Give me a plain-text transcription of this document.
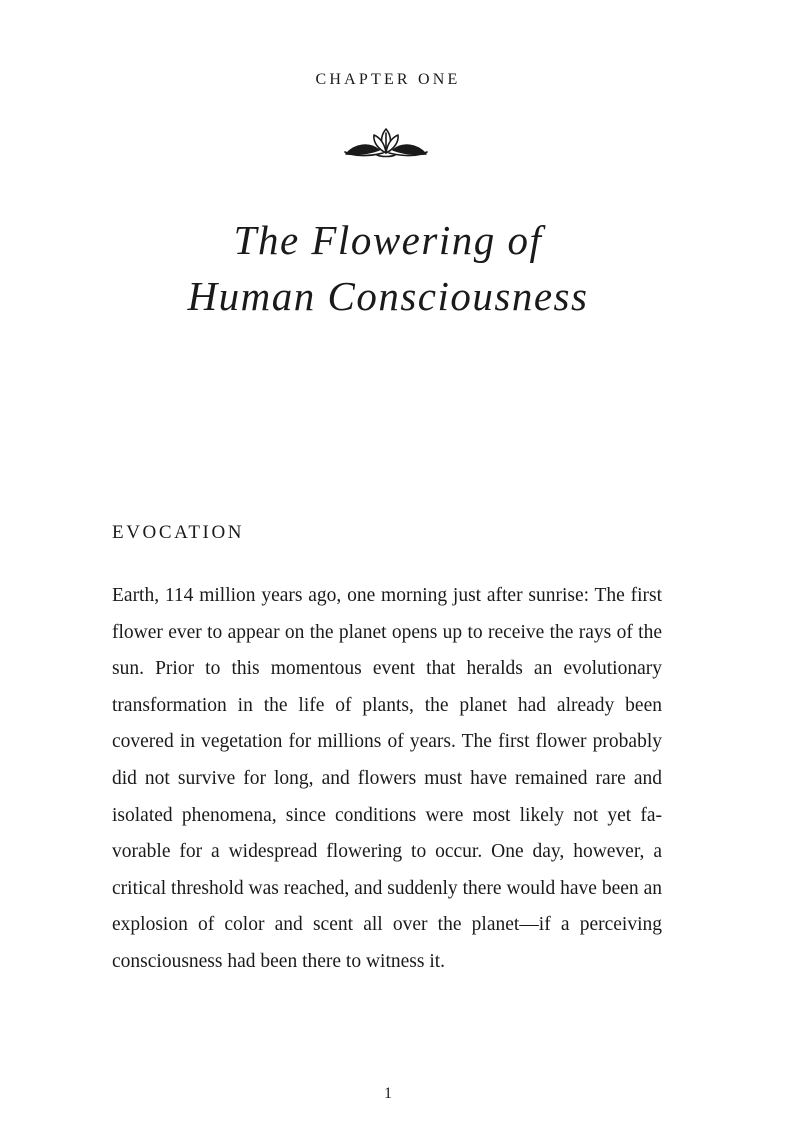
CHAPTER ONE
The Flowering of
Human Consciousness
EVOCATION

Earth, 114 million years ago, one morning just after sunrise: The first flower ever to appear on the planet opens up to receive the rays of the sun. Prior to this momentous event that heralds an evolutionary transformation in the life of plants, the planet had already been covered in vegetation for millions of years. The first flower probably did not survive for long, and flowers must have remained rare and isolated phenomena, since conditions were most likely not yet favorable for a widespread flowering to occur. One day, however, a critical threshold was reached, and suddenly there would have been an explosion of color and scent all over the planet—if a perceiving consciousness had been there to witness it.

1
